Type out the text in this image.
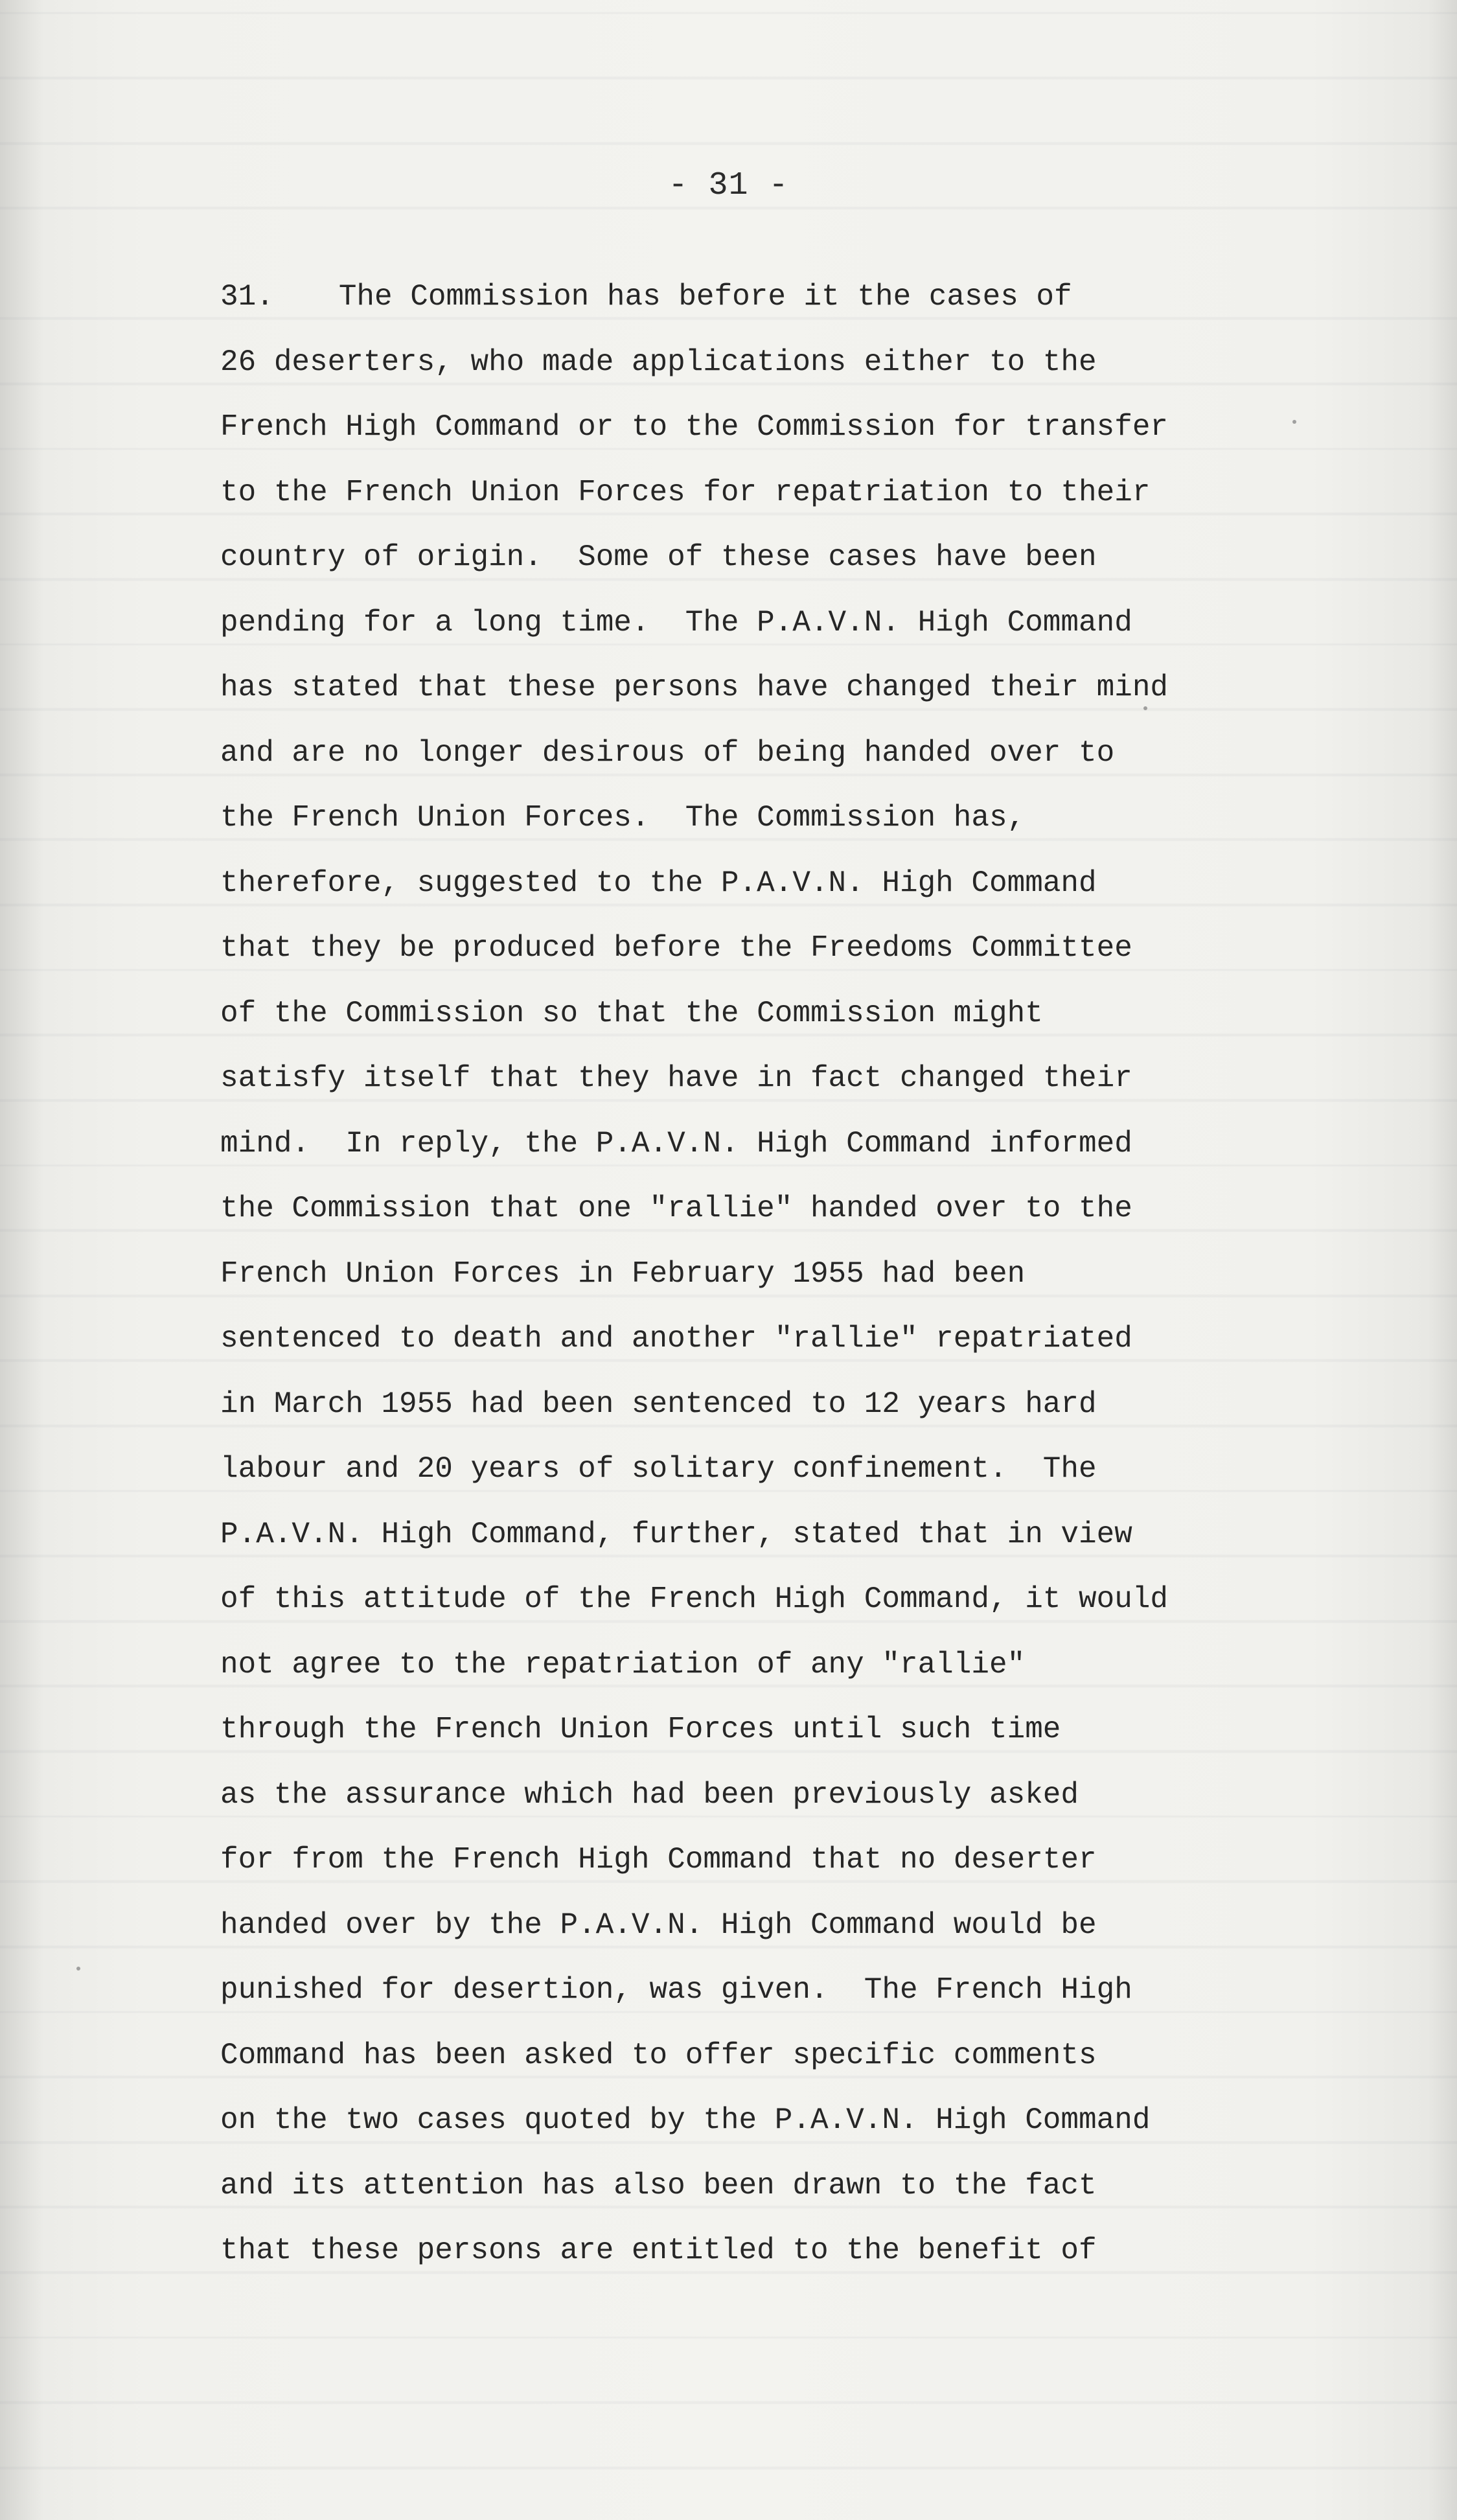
- 31 -
31. The Commission has before it the cases of
26 deserters, who made applications either to the
French High Command or to the Commission for transfer
to the French Union Forces for repatriation to their
country of origin.  Some of these cases have been
pending for a long time.  The P.A.V.N. High Command
has stated that these persons have changed their mind
and are no longer desirous of being handed over to
the French Union Forces.  The Commission has,
therefore, suggested to the P.A.V.N. High Command
that they be produced before the Freedoms Committee
of the Commission so that the Commission might
satisfy itself that they have in fact changed their
mind.  In reply, the P.A.V.N. High Command informed
the Commission that one "rallie" handed over to the
French Union Forces in February 1955 had been
sentenced to death and another "rallie" repatriated
in March 1955 had been sentenced to 12 years hard
labour and 20 years of solitary confinement.  The
P.A.V.N. High Command, further, stated that in view
of this attitude of the French High Command, it would
not agree to the repatriation of any "rallie"
through the French Union Forces until such time
as the assurance which had been previously asked
for from the French High Command that no deserter
handed over by the P.A.V.N. High Command would be
punished for desertion, was given.  The French High
Command has been asked to offer specific comments
on the two cases quoted by the P.A.V.N. High Command
and its attention has also been drawn to the fact
that these persons are entitled to the benefit of
